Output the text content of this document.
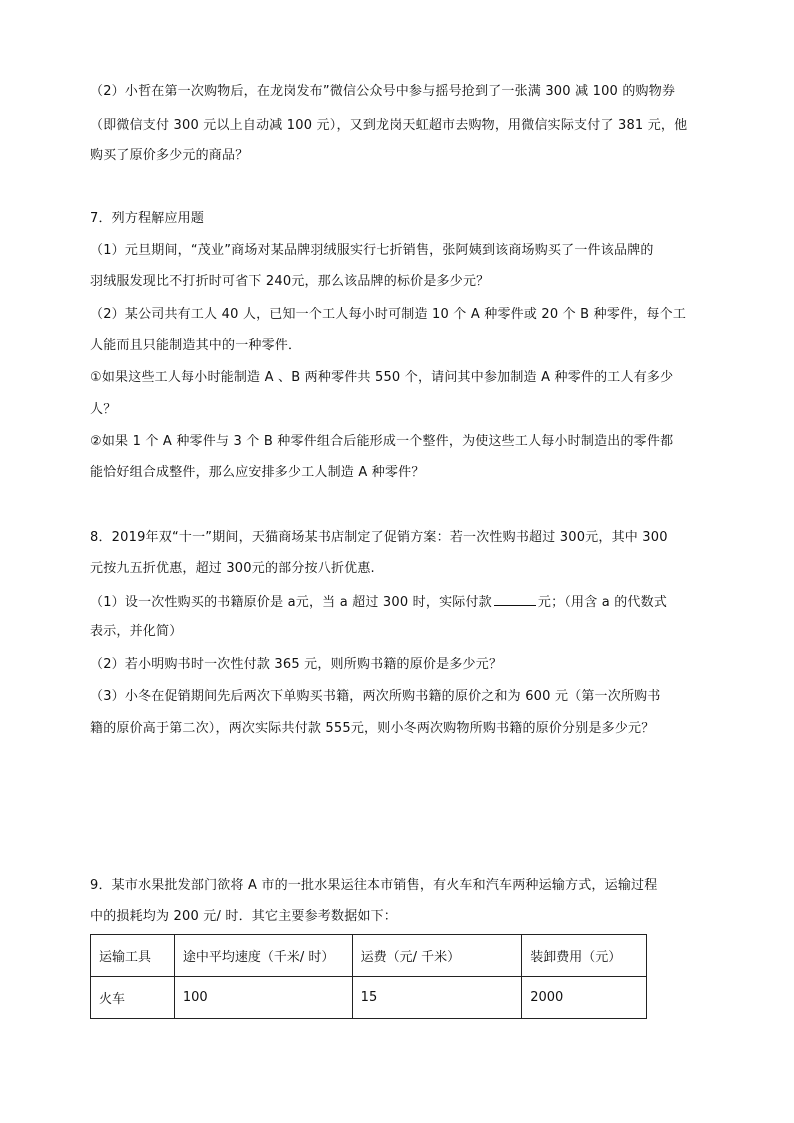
（2）小哲在第一次购物后，在龙岗发布”微信公众号中参与摇号抢到了一张满 300 减 100 的购物券
（即微信支付 300 元以上自动减 100 元），又到龙岗天虹超市去购物，用微信实际支付了 381 元，他
购买了原价多少元的商品？
7．列方程解应用题
（1）元旦期间，“茂业”商场对某品牌羽绒服实行七折销售，张阿姨到该商场购买了一件该品牌的
羽绒服发现比不打折时可省下 240元，那么该品牌的标价是多少元？
（2）某公司共有工人 40 人，已知一个工人每小时可制造 10 个 A 种零件或 20 个 B 种零件，每个工
人能而且只能制造其中的一种零件．
①如果这些工人每小时能制造 A 、B 两种零件共 550 个，请问其中参加制造 A 种零件的工人有多少
人？
②如果 1 个 A 种零件与 3 个 B 种零件组合后能形成一个整件，为使这些工人每小时制造出的零件都
能恰好组合成整件，那么应安排多少工人制造 A 种零件？
8．2019年双“十一”期间，天猫商场某书店制定了促销方案：若一次性购书超过 300元，其中 300
元按九五折优惠，超过 300元的部分按八折优惠.
（1）设一次性购买的书籍原价是 a元，当 a 超过 300 时，实际付款	元；（用含 a 的代数式
表示，并化简）
（2）若小明购书时一次性付款 365 元，则所购书籍的原价是多少元？
（3）小冬在促销期间先后两次下单购买书籍，两次所购书籍的原价之和为 600 元（第一次所购书
籍的原价高于第二次），两次实际共付款 555元，则小冬两次购物所购书籍的原价分别是多少元？
9．某市水果批发部门欲将 A 市的一批水果运往本市销售，有火车和汽车两种运输方式，运输过程
中的损耗均为 200 元/ 时．其它主要参考数据如下：
运输工具	途中平均速度（千米/ 时）	运费（元/ 千米）	装卸费用（元）
火车	100	15	2000
